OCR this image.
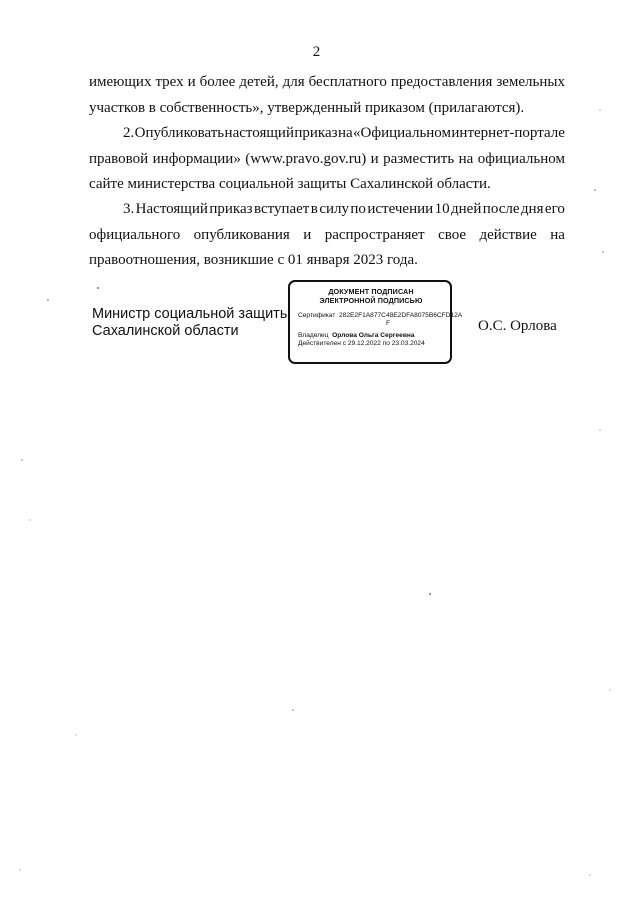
2
имеющих трех и более детей, для бесплатного предоставления земельных
участков в собственность», утвержденный приказом (прилагаются).
2. Опубликовать настоящий приказ на «Официальном интернет-портале
правовой информации» (www.pravo.gov.ru) и разместить на официальном
сайте министерства социальной защиты Сахалинской области.
3. Настоящий приказ вступает в силу по истечении 10 дней после дня его
официального опубликования и распространяет свое действие на
правоотношения, возникшие с 01 января 2023 года.
Министр социальной защиты
Сахалинской области
ДОКУМЕНТ ПОДПИСАН
ЭЛЕКТРОННОЙ ПОДПИСЬЮ
Сертификат 282E2F1A877C48E2DFA8075B6CFD12A
F
Владелец Орлова Ольга Сергеевна
Действителен с 29.12.2022 по 23.03.2024
О.С. Орлова
